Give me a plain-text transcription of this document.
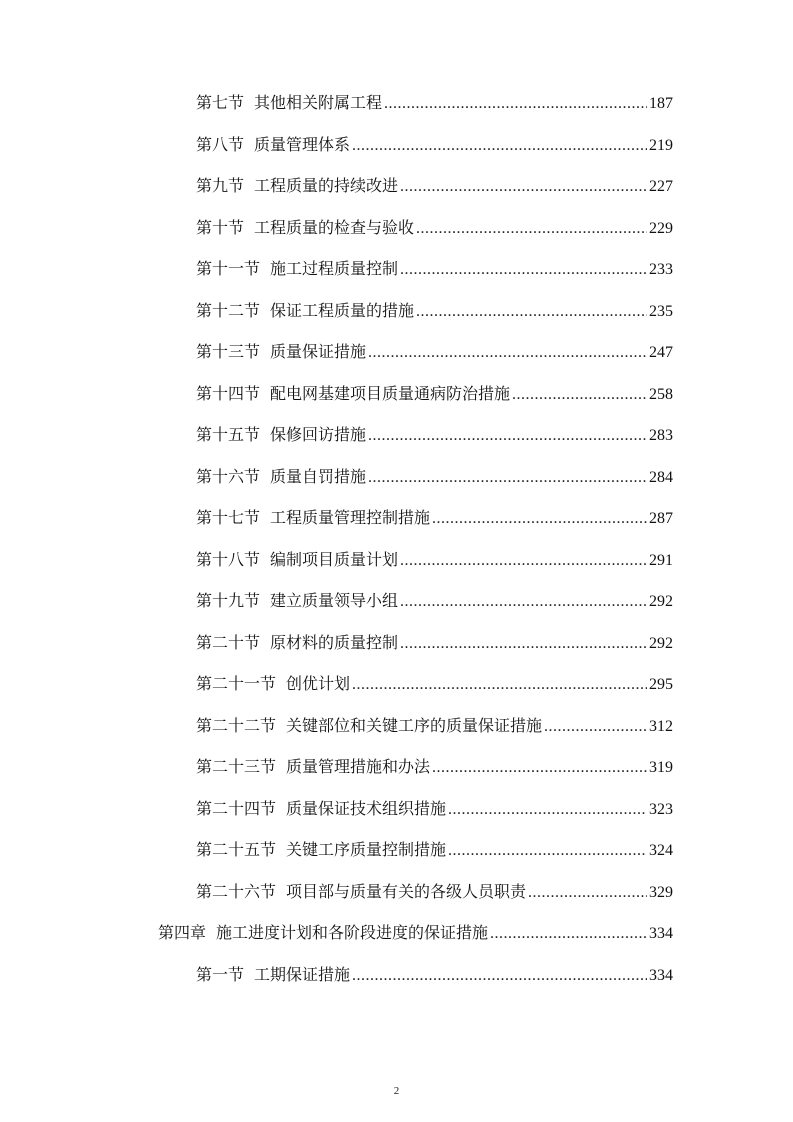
第七节 其他相关附属工程 .....	187
第八节 质量管理体系 .....	219
第九节 工程质量的持续改进 .....	227
第十节 工程质量的检查与验收 .....	229
第十一节 施工过程质量控制 .....	233
第十二节 保证工程质量的措施 .....	235
第十三节 质量保证措施 .....	247
第十四节 配电网基建项目质量通病防治措施 .....	258
第十五节 保修回访措施 .....	283
第十六节 质量自罚措施 .....	284
第十七节 工程质量管理控制措施 .....	287
第十八节 编制项目质量计划 .....	291
第十九节 建立质量领导小组 .....	292
第二十节 原材料的质量控制 .....	292
第二十一节 创优计划 .....	295
第二十二节 关键部位和关键工序的质量保证措施 .....	312
第二十三节 质量管理措施和办法 .....	319
第二十四节 质量保证技术组织措施 .....	323
第二十五节 关键工序质量控制措施 .....	324
第二十六节 项目部与质量有关的各级人员职责 .....	329
第四章 施工进度计划和各阶段进度的保证措施 .....	334
第一节 工期保证措施 .....	334
2
